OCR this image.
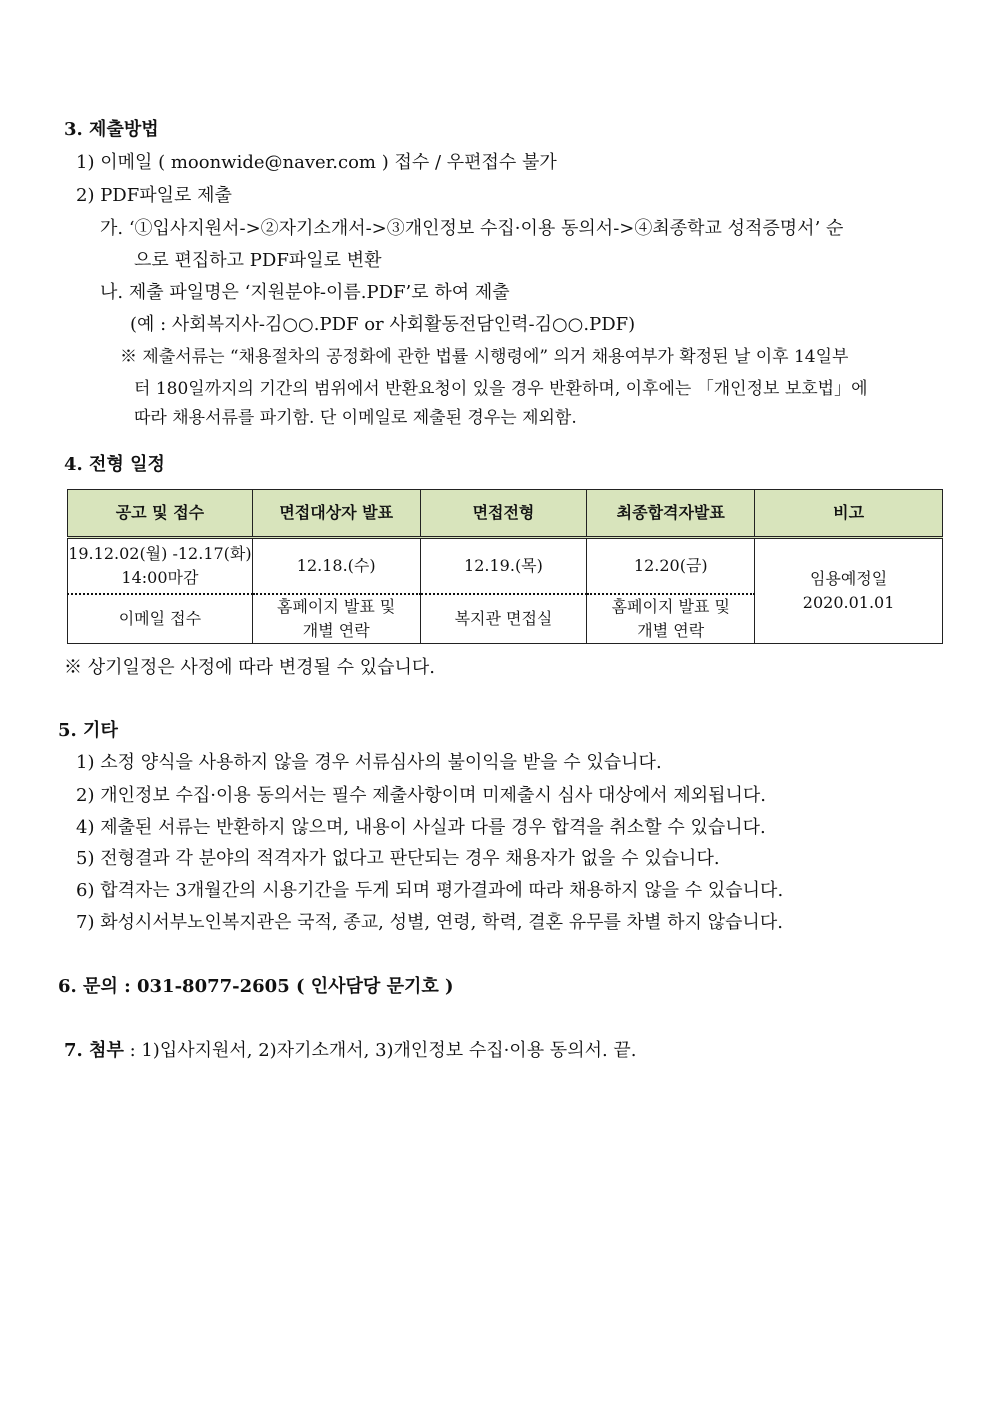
3. 제출방법
1) 이메일 ( moonwide@naver.com ) 접수 / 우편접수 불가
2) PDF파일로 제출
가. ‘①입사지원서->②자기소개서->③개인정보 수집·이용 동의서->④최종학교 성적증명서’ 순
으로 편집하고 PDF파일로 변환
나. 제출 파일명은 ‘지원분야-이름.PDF’로 하여 제출
(예 : 사회복지사-김○○.PDF or 사회활동전담인력-김○○.PDF)
※ 제출서류는 “채용절차의 공정화에 관한 법률 시행령에” 의거 채용여부가 확정된 날 이후 14일부
터 180일까지의 기간의 범위에서 반환요청이 있을 경우 반환하며, 이후에는 「개인정보 보호법」에
따라 채용서류를 파기함. 단 이메일로 제출된 경우는 제외함.
4. 전형 일정
공고 및 접수	면접대상자 발표	면접전형	최종합격자발표	비고
19.12.02(월) -12.17(화)
14:00마감	12.18.(수)	12.19.(목)	12.20(금)	임용예정일
2020.01.01
이메일 접수	홈페이지 발표 및
개별 연락	복지관 면접실	홈페이지 발표 및
개별 연락	
※ 상기일정은 사정에 따라 변경될 수 있습니다.
5. 기타
1) 소정 양식을 사용하지 않을 경우 서류심사의 불이익을 받을 수 있습니다.
2) 개인정보 수집·이용 동의서는 필수 제출사항이며 미제출시 심사 대상에서 제외됩니다.
4) 제출된 서류는 반환하지 않으며, 내용이 사실과 다를 경우 합격을 취소할 수 있습니다.
5) 전형결과 각 분야의 적격자가 없다고 판단되는 경우 채용자가 없을 수 있습니다.
6) 합격자는 3개월간의 시용기간을 두게 되며 평가결과에 따라 채용하지 않을 수 있습니다.
7) 화성시서부노인복지관은 국적, 종교, 성별, 연령, 학력, 결혼 유무를 차별 하지 않습니다.
6. 문의 : 031-8077-2605 ( 인사담당 문기호 )
7. 첨부 : 1)입사지원서, 2)자기소개서, 3)개인정보 수집·이용 동의서. 끝.
